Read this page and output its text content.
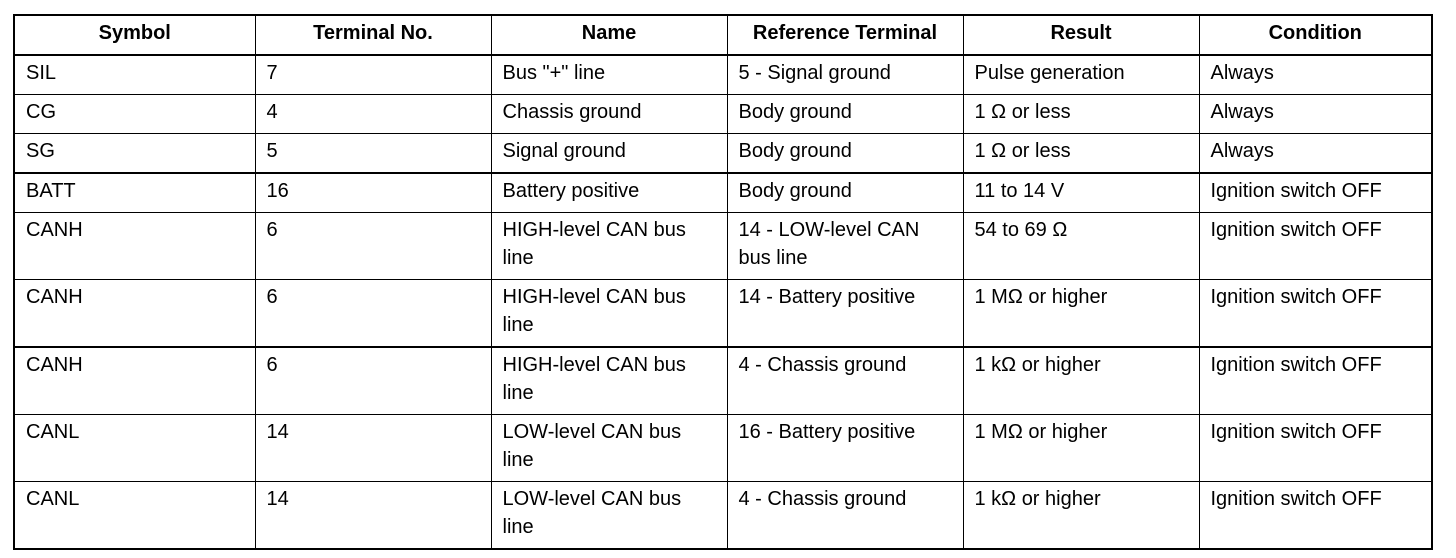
Symbol	Terminal No.	Name	Reference Terminal	Result	Condition
SIL	7	Bus "+" line	5 - Signal ground	Pulse generation	Always
CG	4	Chassis ground	Body ground	1 Ω or less	Always
SG	5	Signal ground	Body ground	1 Ω or less	Always
BATT	16	Battery positive	Body ground	11 to 14 V	Ignition switch OFF
CANH	6	HIGH-level CAN bus line	14 - LOW-level CAN bus line	54 to 69 Ω	Ignition switch OFF
CANH	6	HIGH-level CAN bus line	14 - Battery positive	1 MΩ or higher	Ignition switch OFF
CANH	6	HIGH-level CAN bus line	4 - Chassis ground	1 kΩ or higher	Ignition switch OFF
CANL	14	LOW-level CAN bus line	16 - Battery positive	1 MΩ or higher	Ignition switch OFF
CANL	14	LOW-level CAN bus line	4 - Chassis ground	1 kΩ or higher	Ignition switch OFF
